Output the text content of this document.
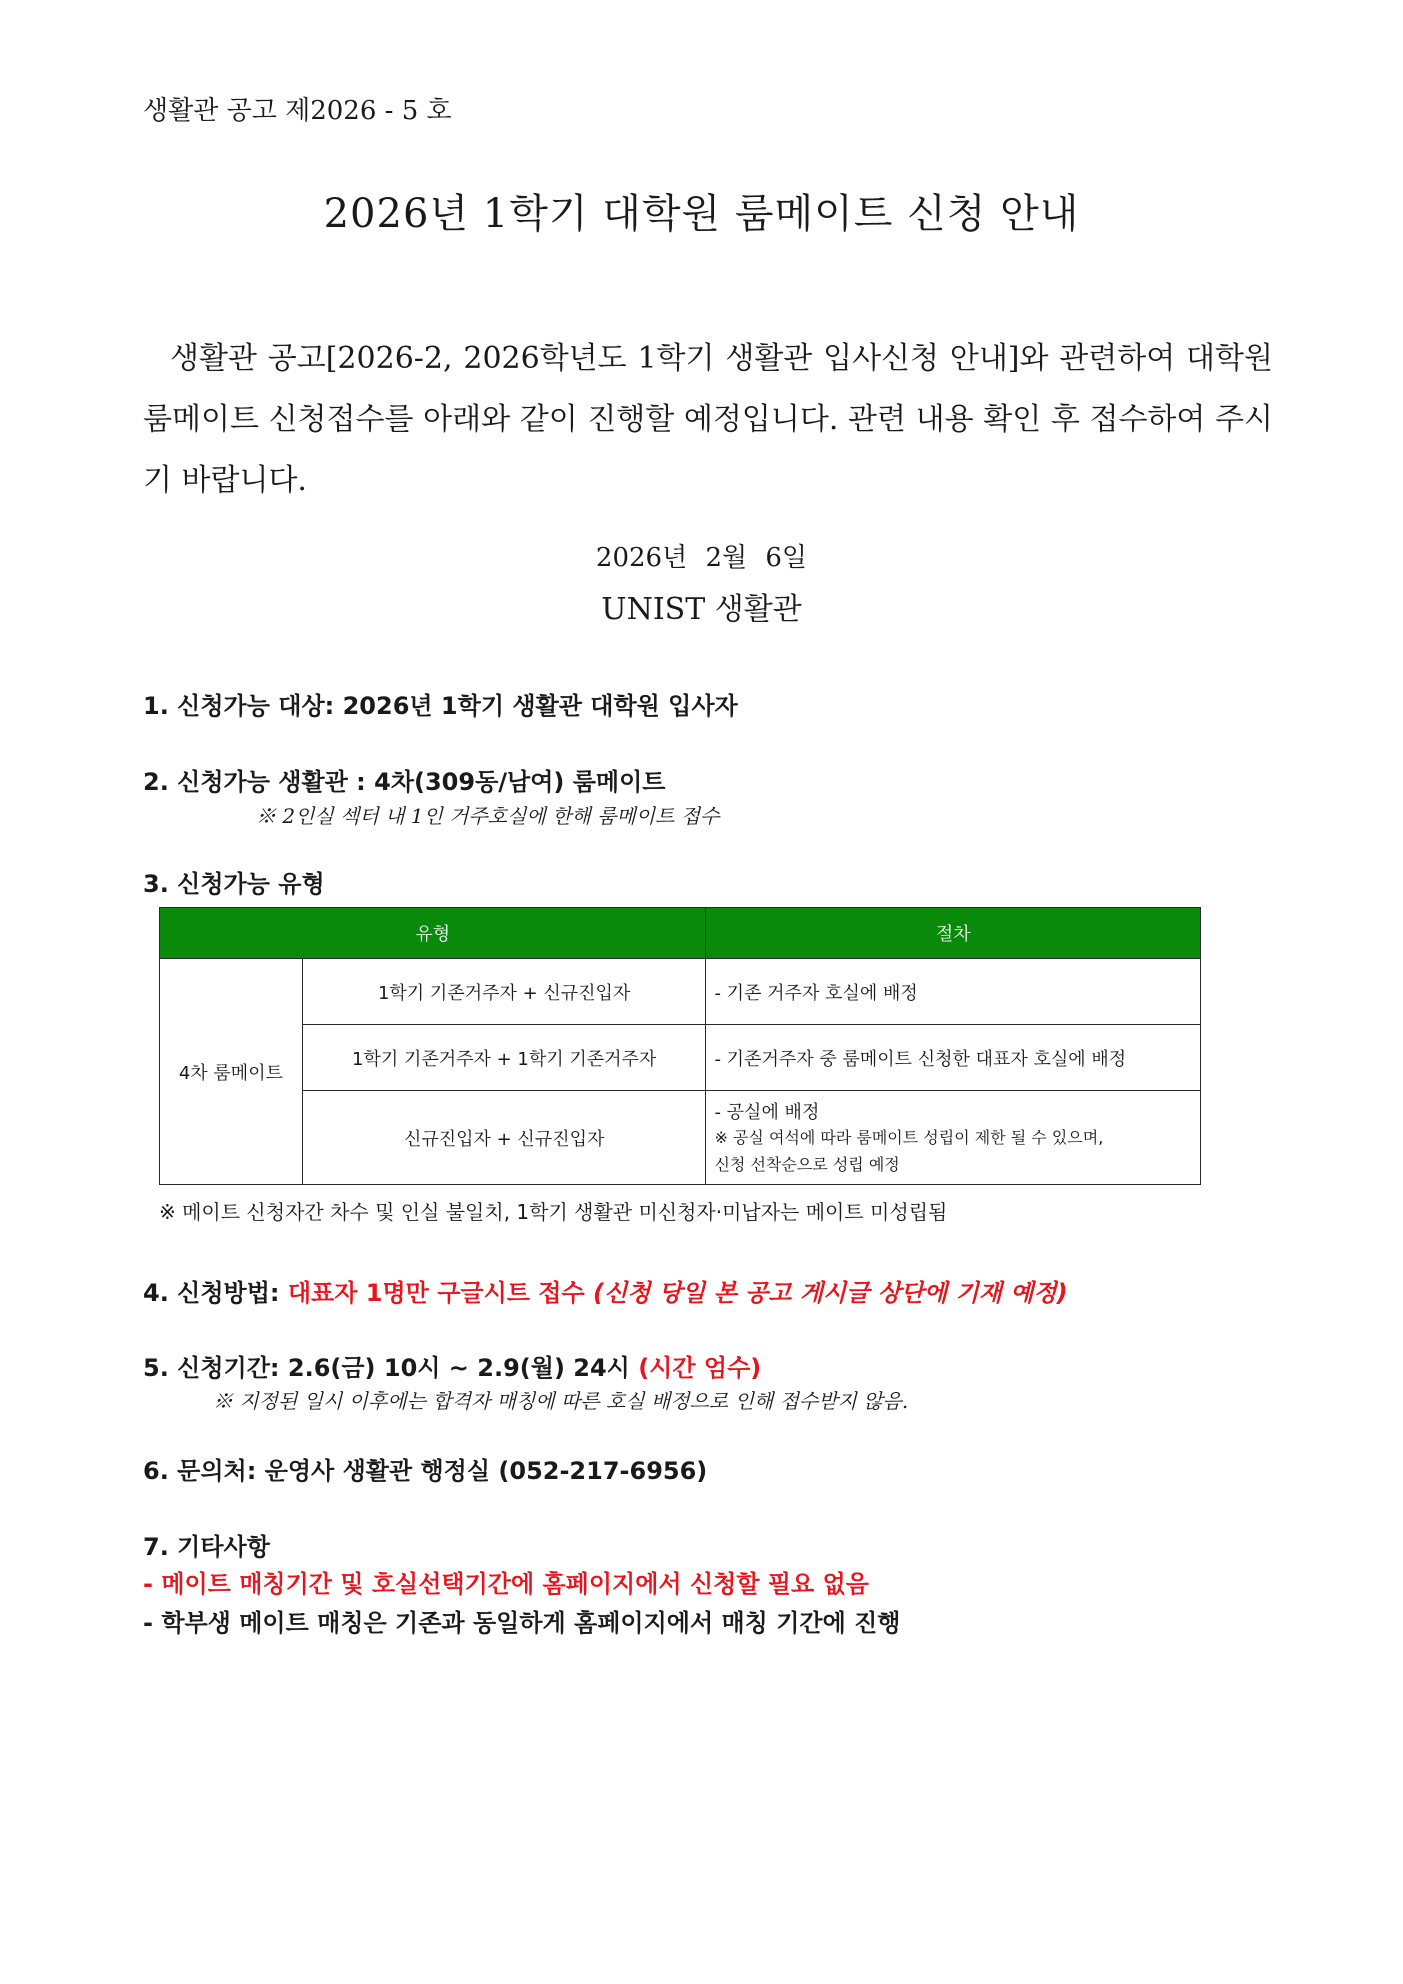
생활관 공고 제2026 - 5 호
2026년 1학기 대학원 룸메이트 신청 안내
생활관 공고[2026-2, 2026학년도 1학기 생활관 입사신청 안내]와 관련하여 대학원 룸메이트 신청접수를 아래와 같이 진행할 예정입니다. 관련 내용 확인 후 접수하여 주시기 바랍니다.
2026년 2월 6일
UNIST 생활관
1. 신청가능 대상: 2026년 1학기 생활관 대학원 입사자
2. 신청가능 생활관 : 4차(309동/남여) 룸메이트
※ 2인실 섹터 내 1인 거주호실에 한해 룸메이트 접수
3. 신청가능 유형
유형		절차
4차 룸메이트	1학기 기존거주자 + 신규진입자	- 기존 거주자 호실에 배정
	1학기 기존거주자 + 1학기 기존거주자	- 기존거주자 중 룸메이트 신청한 대표자 호실에 배정
	신규진입자 + 신규진입자	- 공실에 배정
※ 공실 여석에 따라 룸메이트 성립이 제한 될 수 있으며,
신청 선착순으로 성립 예정
※ 메이트 신청자간 차수 및 인실 불일치, 1학기 생활관 미신청자·미납자는 메이트 미성립됨
4. 신청방법: 대표자 1명만 구글시트 접수 (신청 당일 본 공고 게시글 상단에 기재 예정)
5. 신청기간: 2.6(금) 10시 ~ 2.9(월) 24시 (시간 엄수)
※ 지정된 일시 이후에는 합격자 매칭에 따른 호실 배정으로 인해 접수받지 않음.
6. 문의처: 운영사 생활관 행정실 (052-217-6956)
7. 기타사항
- 메이트 매칭기간 및 호실선택기간에 홈페이지에서 신청할 필요 없음
- 학부생 메이트 매칭은 기존과 동일하게 홈페이지에서 매칭 기간에 진행
